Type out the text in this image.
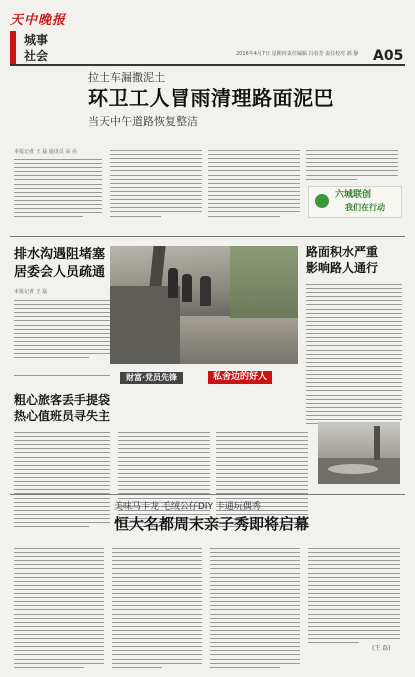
天中晚报
城事社会	2016年4月7日 星期四 责任编辑 冯春芳 责任校对 郝 静 A05
拉土车漏撒泥土
环卫工人冒雨清理路面泥巴
当天中午道路恢复整洁
本报记者 王 磊 通讯员 高 亮
六城联创
我们在行动
排水沟遇阻堵塞
居委会人员疏通
本报记者 王 磊
粗心旅客丢手提袋
热心值班员寻失主
财富·党员先锋	私舍边的好人
路面积水严重
影响路人通行
美味马卡龙 毛绒公仔DIY 卡通玩偶秀
恒大名都周末亲子秀即将启幕
(王 磊)
